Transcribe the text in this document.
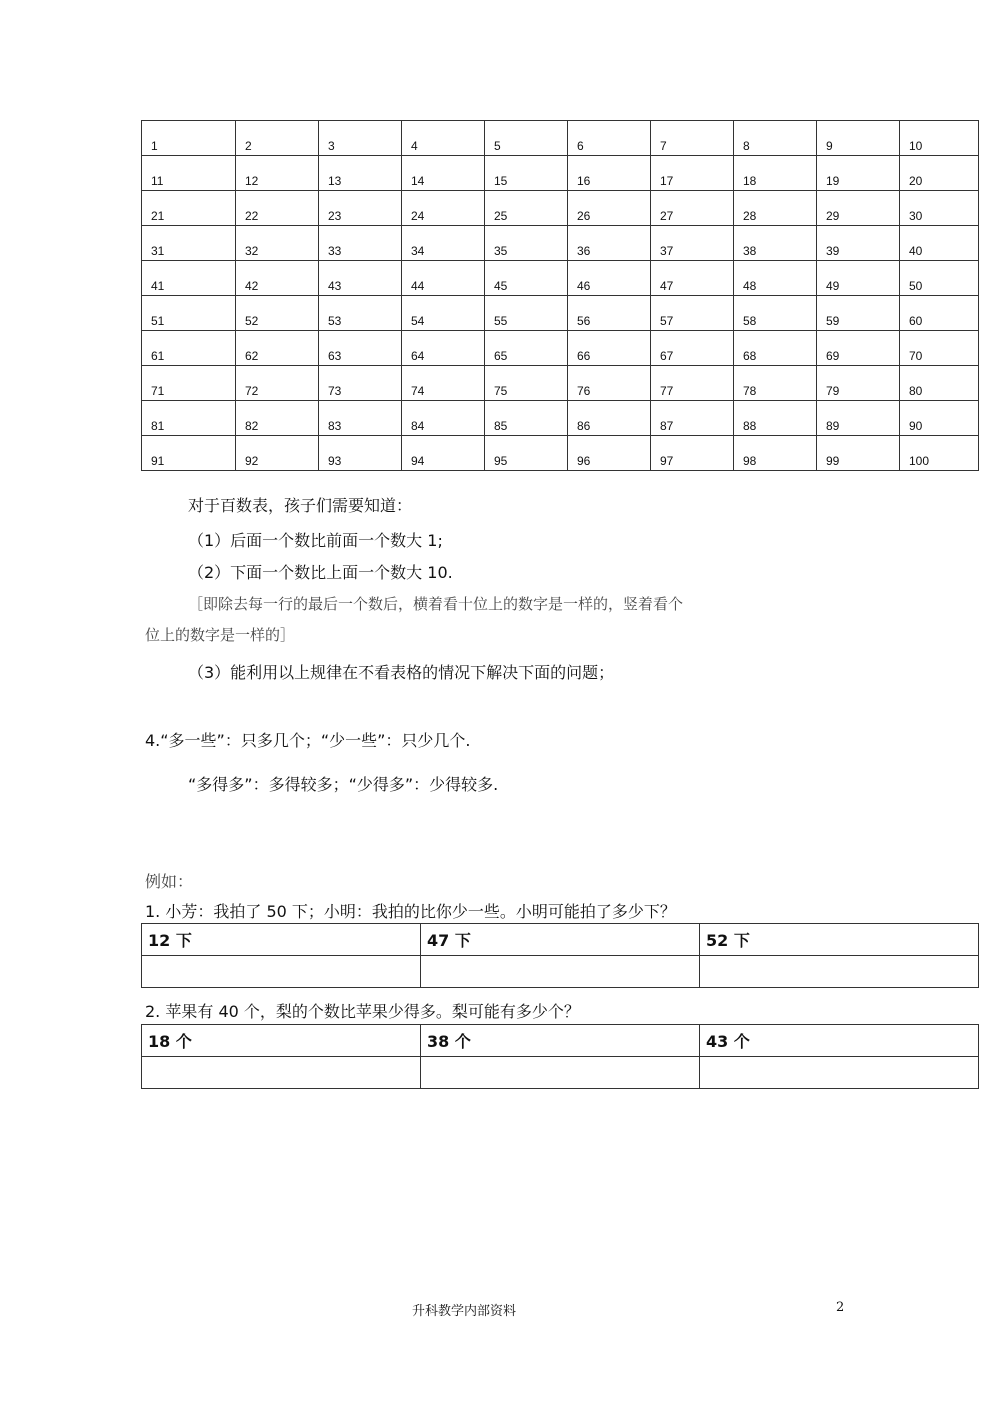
1	2	3	4	5	6	7	8	9	10
11	12	13	14	15	16	17	18	19	20
21	22	23	24	25	26	27	28	29	30
31	32	33	34	35	36	37	38	39	40
41	42	43	44	45	46	47	48	49	50
51	52	53	54	55	56	57	58	59	60
61	62	63	64	65	66	67	68	69	70
71	72	73	74	75	76	77	78	79	80
81	82	83	84	85	86	87	88	89	90
91	92	93	94	95	96	97	98	99	100
对于百数表，孩子们需要知道：
（1）后面一个数比前面一个数大 1;
（2）下面一个数比上面一个数大 10.
［即除去每一行的最后一个数后，横着看十位上的数字是一样的，竖着看个
位上的数字是一样的］
（3）能利用以上规律在不看表格的情况下解决下面的问题；
4.“多一些”：只多几个；“少一些”：只少几个.
“多得多”：多得较多；“少得多”：少得较多.
例如：
1. 小芳：我拍了 50 下；小明：我拍的比你少一些。小明可能拍了多少下？
12 下	47 下	52 下

2. 苹果有 40 个，梨的个数比苹果少得多。梨可能有多少个？
18 个	38 个	43 个

升科教学内部资料	2
